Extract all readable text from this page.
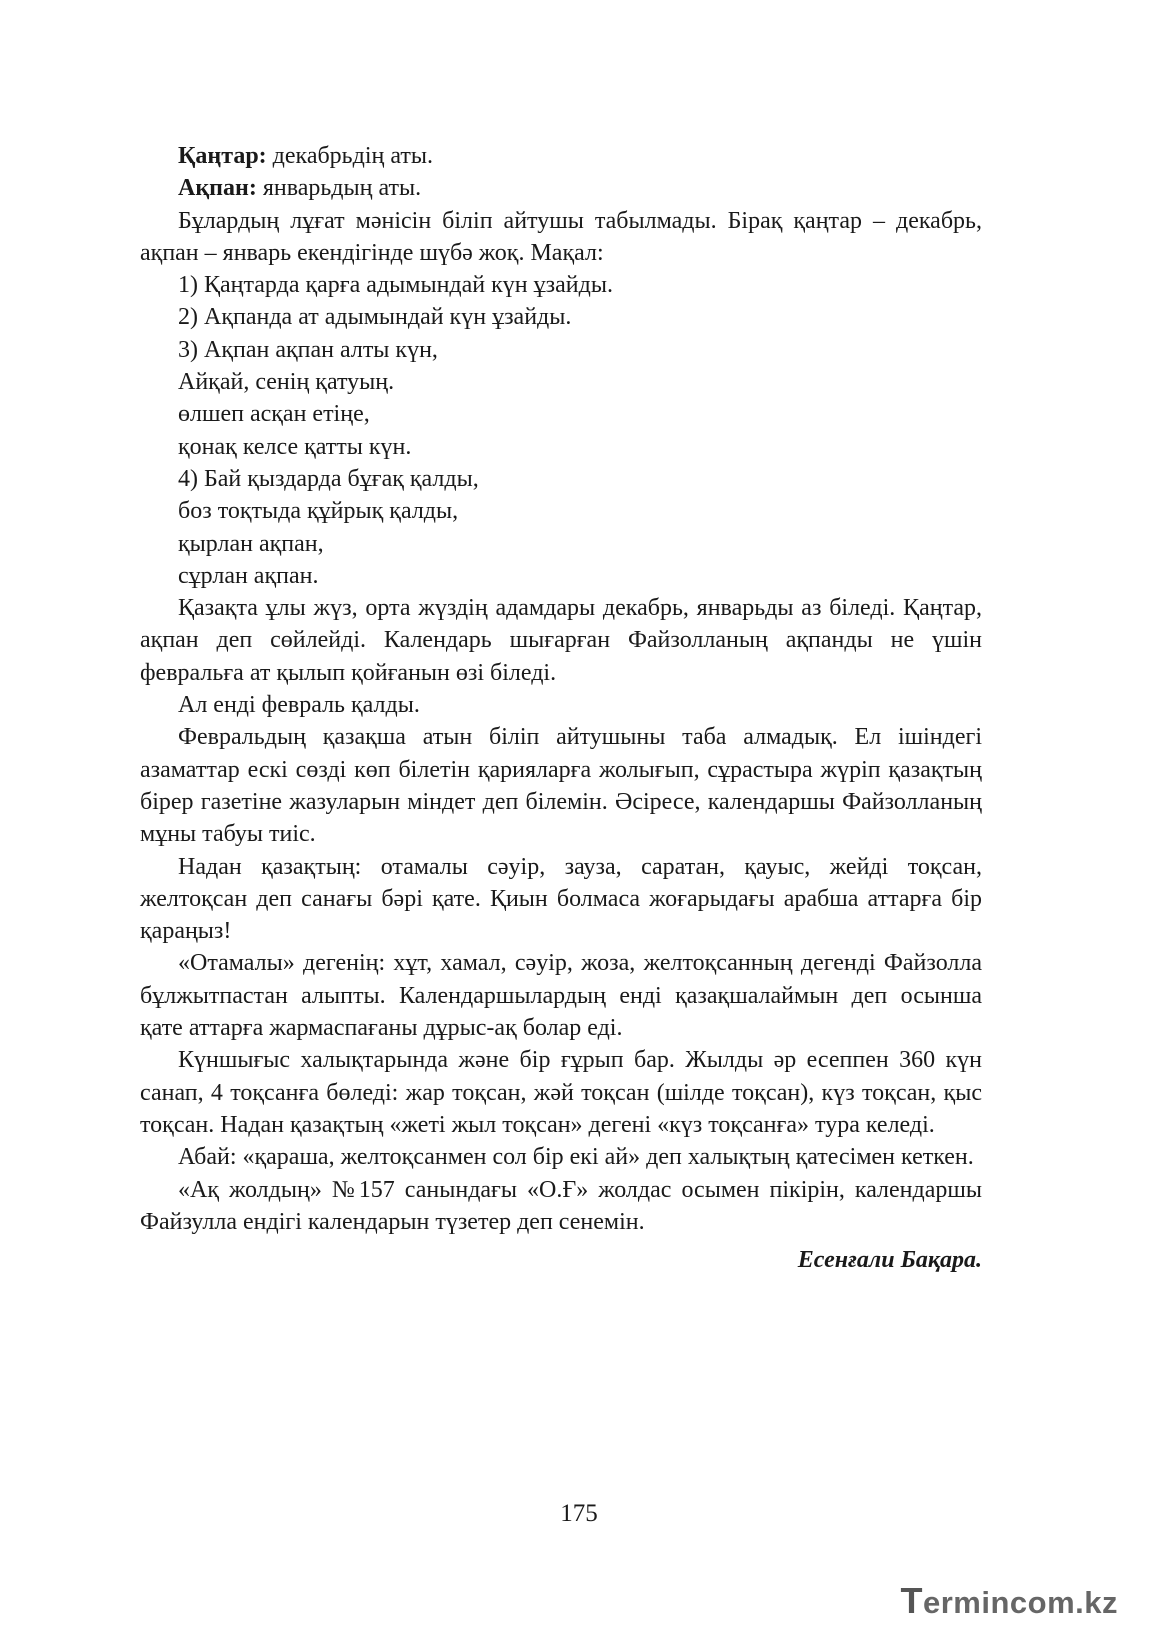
Қаңтар: декабрьдің аты.
Ақпан: январьдың аты.

Бұлардың лұғат мәнісін біліп айтушы табылмады. Бірақ қаңтар – декабрь, ақпан – январь екендігінде шүбә жоқ. Мақал:

1) Қаңтарда қарға адымындай күн ұзайды.
2) Ақпанда ат адымындай күн ұзайды.
3) Ақпан ақпан алты күн,
Айқай, сенің қатуың.
өлшеп асқан етіңе,
қонақ келсе қатты күн.
4) Бай қыздарда бұғақ қалды,
боз тоқтыда құйрық қалды,
қырлан ақпан,
сұрлан ақпан.

Қазақта ұлы жүз, орта жүздің адамдары декабрь, январьды аз біледі. Қаңтар, ақпан деп сөйлейді. Календарь шығарған Файзолланың ақпанды не үшін февральға ат қылып қойғанын өзі біледі.

Ал енді февраль қалды.

Февральдың қазақша атын біліп айтушыны таба алмадық. Ел ішіндегі азаматтар ескі сөзді көп білетін қарияларға жолығып, сұрастыра жүріп қазақтың бірер газетіне жазуларын міндет деп білемін. Әсіресе, календаршы Файзолланың мұны табуы тиіс.

Надан қазақтың: отамалы сәуір, зауза, саратан, қауыс, жейді тоқсан, желтоқсан деп санағы бәрі қате. Қиын болмаса жоғарыдағы арабша аттарға бір қараңыз!

«Отамалы» дегенің: хұт, хамал, сәуір, жоза, желтоқсанның дегенді Файзолла бұлжытпастан алыпты. Календаршылардың енді қазақшалаймын деп осынша қате аттарға жармаспағаны дұрыс-ақ болар еді.

Күншығыс халықтарында және бір ғұрып бар. Жылды әр есеппен 360 күн санап, 4 тоқсанға бөледі: жар тоқсан, жәй тоқсан (шілде тоқсан), күз тоқсан, қыс тоқсан. Надан қазақтың «жеті жыл тоқсан» дегені «күз тоқсанға» тура келеді.

Абай: «қараша, желтоқсанмен сол бір екі ай» деп халықтың қатесімен кеткен.

«Ақ жолдың» №157 санындағы «О.Ғ» жолдас осымен пікірін, календаршы Файзулла ендігі календарын түзетер деп сенемін.

Есенғали Бақара.
175
Termincom.kz
